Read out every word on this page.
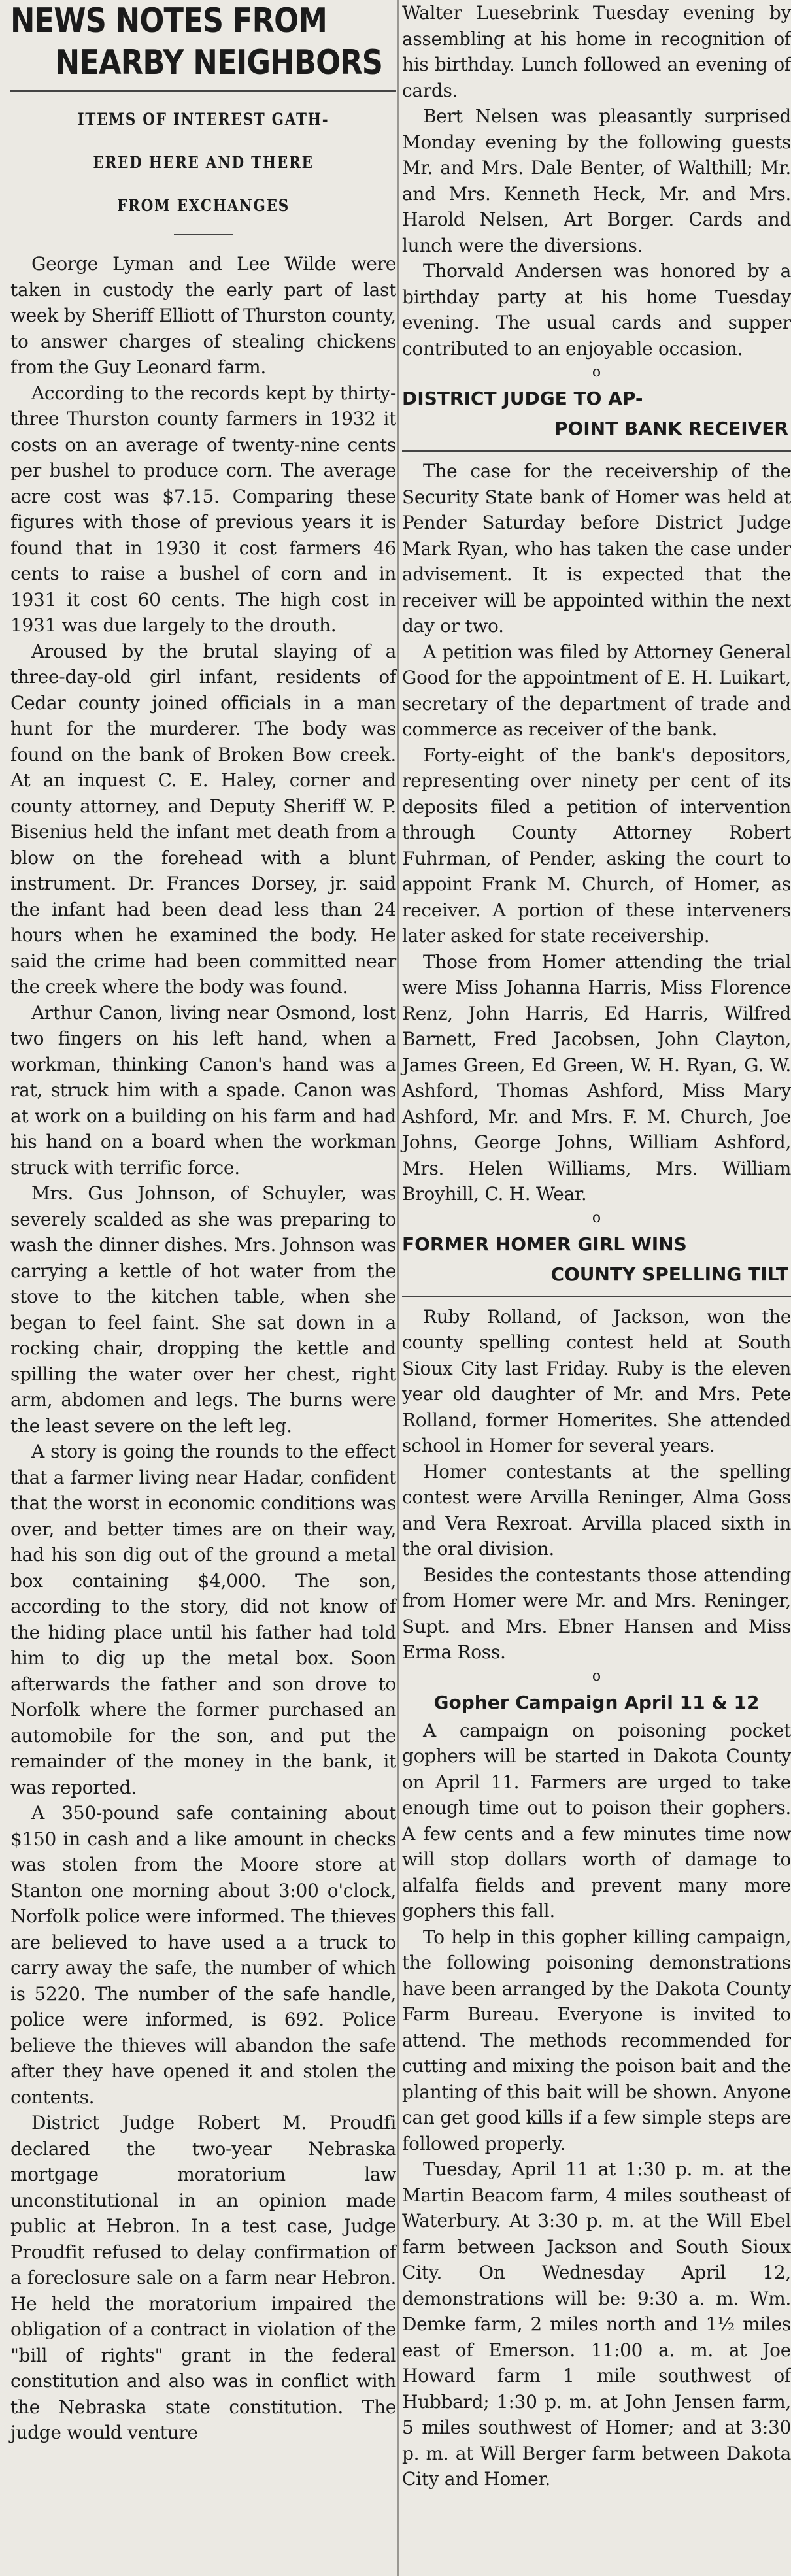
NEWS NOTES FROM
NEARBY NEIGHBORS
ITEMS OF INTEREST GATH-
ERED HERE AND THERE
FROM EXCHANGES

George Lyman and Lee Wilde were taken in custody the early part of last week by Sheriff Elliott of Thurston county, to answer charges of stealing chickens from the Guy Leonard farm.

According to the records kept by thirty-three Thurston county farmers in 1932 it costs on an average of twenty-nine cents per bushel to produce corn. The average acre cost was $7.15. Comparing these figures with those of previous years it is found that in 1930 it cost farmers 46 cents to raise a bushel of corn and in 1931 it cost 60 cents. The high cost in 1931 was due largely to the drouth.

Aroused by the brutal slaying of a three-day-old girl infant, residents of Cedar county joined officials in a man hunt for the murderer. The body was found on the bank of Broken Bow creek. At an inquest C. E. Haley, corner and county attorney, and Deputy Sheriff W. P. Bisenius held the infant met death from a blow on the forehead with a blunt instrument. Dr. Frances Dorsey, jr. said the infant had been dead less than 24 hours when he examined the body. He said the crime had been committed near the creek where the body was found.

Arthur Canon, living near Osmond, lost two fingers on his left hand, when a workman, thinking Canon's hand was a rat, struck him with a spade. Canon was at work on a building on his farm and had his hand on a board when the workman struck with terrific force.

Mrs. Gus Johnson, of Schuyler, was severely scalded as she was preparing to wash the dinner dishes. Mrs. Johnson was carrying a kettle of hot water from the stove to the kitchen table, when she began to feel faint. She sat down in a rocking chair, dropping the kettle and spilling the water over her chest, right arm, abdomen and legs. The burns were the least severe on the left leg.

A story is going the rounds to the effect that a farmer living near Hadar, confident that the worst in economic conditions was over, and better times are on their way, had his son dig out of the ground a metal box containing $4,000. The son, according to the story, did not know of the hiding place until his father had told him to dig up the metal box. Soon afterwards the father and son drove to Norfolk where the former purchased an automobile for the son, and put the remainder of the money in the bank, it was reported.

A 350-pound safe containing about $150 in cash and a like amount in checks was stolen from the Moore store at Stanton one morning about 3:00 o'clock, Norfolk police were informed. The thieves are believed to have used a a truck to carry away the safe, the number of which is 5220. The number of the safe handle, police were informed, is 692. Police believe the thieves will abandon the safe after they have opened it and stolen the contents.

District Judge Robert M. Proudfi declared the two-year Nebraska mortgage moratorium law unconstitutional in an opinion made public at Hebron. In a test case, Judge Proudfit refused to delay confirmation of a foreclosure sale on a farm near Hebron. He held the moratorium impaired the obligation of a contract in violation of the "bill of rights" grant in the federal constitution and also was in conflict with the Nebraska state constitution. The judge would venture

Walter Luesebrink Tuesday evening by assembling at his home in recognition of his birthday. Lunch followed an evening of cards.

Bert Nelsen was pleasantly surprised Monday evening by the following guests Mr. and Mrs. Dale Benter, of Walthill; Mr. and Mrs. Kenneth Heck, Mr. and Mrs. Harold Nelsen, Art Borger. Cards and lunch were the diversions.

Thorvald Andersen was honored by a birthday party at his home Tuesday evening. The usual cards and supper contributed to an enjoyable occasion.

o
DISTRICT JUDGE TO AP-
POINT BANK RECEIVER

The case for the receivership of the Security State bank of Homer was held at Pender Saturday before District Judge Mark Ryan, who has taken the case under advisement. It is expected that the receiver will be appointed within the next day or two.

A petition was filed by Attorney General Good for the appointment of E. H. Luikart, secretary of the department of trade and commerce as receiver of the bank.

Forty-eight of the bank's depositors, representing over ninety per cent of its deposits filed a petition of intervention through County Attorney Robert Fuhrman, of Pender, asking the court to appoint Frank M. Church, of Homer, as receiver. A portion of these interveners later asked for state receivership.

Those from Homer attending the trial were Miss Johanna Harris, Miss Florence Renz, John Harris, Ed Harris, Wilfred Barnett, Fred Jacobsen, John Clayton, James Green, Ed Green, W. H. Ryan, G. W. Ashford, Thomas Ashford, Miss Mary Ashford, Mr. and Mrs. F. M. Church, Joe Johns, George Johns, William Ashford, Mrs. Helen Williams, Mrs. William Broyhill, C. H. Wear.

o
FORMER HOMER GIRL WINS
COUNTY SPELLING TILT

Ruby Rolland, of Jackson, won the county spelling contest held at South Sioux City last Friday. Ruby is the eleven year old daughter of Mr. and Mrs. Pete Rolland, former Homerites. She attended school in Homer for several years.

Homer contestants at the spelling contest were Arvilla Reninger, Alma Goss and Vera Rexroat. Arvilla placed sixth in the oral division.

Besides the contestants those attending from Homer were Mr. and Mrs. Reninger, Supt. and Mrs. Ebner Hansen and Miss Erma Ross.

o
Gopher Campaign April 11 & 12

A campaign on poisoning pocket gophers will be started in Dakota County on April 11. Farmers are urged to take enough time out to poison their gophers. A few cents and a few minutes time now will stop dollars worth of damage to alfalfa fields and prevent many more gophers this fall.

To help in this gopher killing campaign, the following poisoning demonstrations have been arranged by the Dakota County Farm Bureau. Everyone is invited to attend. The methods recommended for cutting and mixing the poison bait and the planting of this bait will be shown. Anyone can get good kills if a few simple steps are followed properly.

Tuesday, April 11 at 1:30 p. m. at the Martin Beacom farm, 4 miles southeast of Waterbury. At 3:30 p. m. at the Will Ebel farm between Jackson and South Sioux City. On Wednesday April 12, demonstrations will be: 9:30 a. m. Wm. Demke farm, 2 miles north and 1½ miles east of Emerson. 11:00 a. m. at Joe Howard farm 1 mile southwest of Hubbard; 1:30 p. m. at John Jensen farm, 5 miles southwest of Homer; and at 3:30 p. m. at Will Berger farm between Dakota City and Homer.
